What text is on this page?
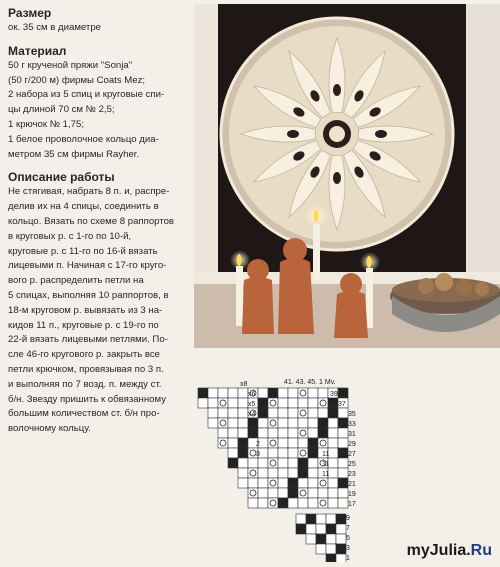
Размер

ок. 35 см в диаметре

Материал

50 г крученой пряжи "Sonja"

(50 г/200 м) фирмы Coats Mez;

2 набора из 5 спиц и круговые спи-

цы длиной 70 см № 2,5;

1 крючок № 1,75;

1 белое проволочное кольцо диа-

метром 35 см фирмы Rayher.

Описание работы

Не стягивая, набрать 8 п. и, распре-

делив их на 4 спицы, соединить в

кольцо. Вязать по схеме 8 раппортов

в круговых р. с 1-го по 10-й,

круговые р. с 11-го по 16-й вязать

лицевыми п. Начиная с 17-го круго-

вого р. распределить петли на

5 спицах, выполняя 10 раппортов, в

18-м круговом р. вывязать из 3 на-

кидов 11 п., круговые р. с 19-го по

22-й вязать лицевыми петлями. По-

сле 46-го кругового р. закрыть все

петли крючком, провязывая по 3 п.

и выполняя по 7 возд. п. между ст.

б/н. Звезду пришить к обвязанному

большим количеством ст. б/н про-

волочному кольцу.

41. 43. 45. 1 Мv.
x8
x6
x5
x4
x3
x2
39
37
35
33
31
29
27
25
23
21
19
17
9
7
5
3
1
3
11
11
11
2
3
myJulia.Ru
